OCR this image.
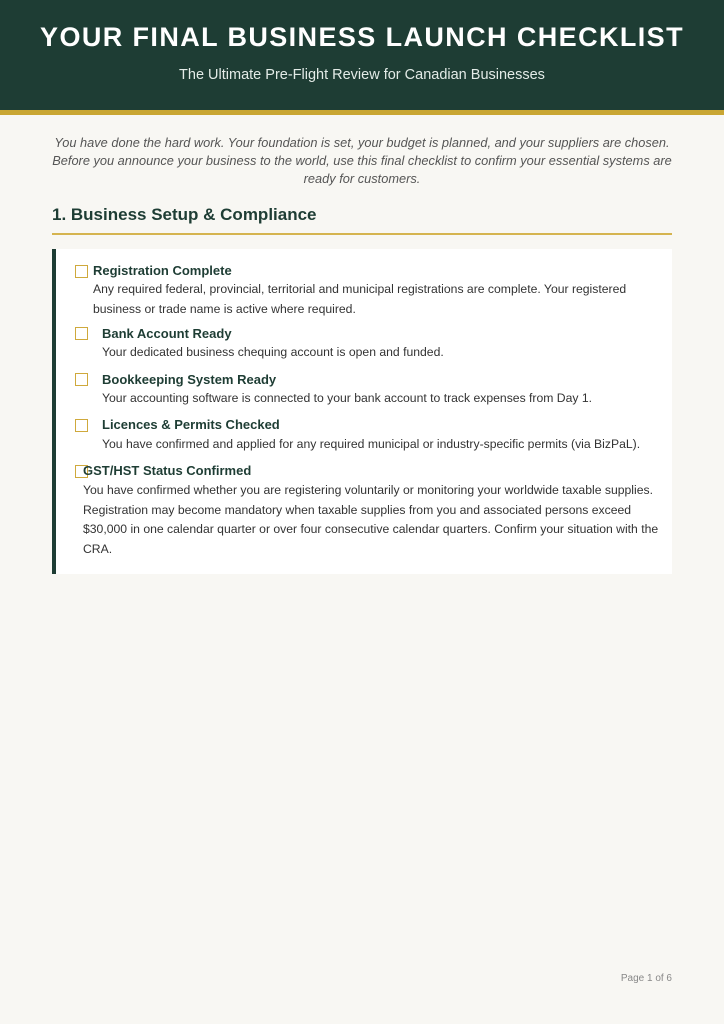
YOUR FINAL BUSINESS LAUNCH CHECKLIST
The Ultimate Pre-Flight Review for Canadian Businesses
You have done the hard work. Your foundation is set, your budget is planned, and your suppliers are chosen. Before you announce your business to the world, use this final checklist to confirm your essential systems are ready for customers.
1. Business Setup & Compliance
Registration Complete
Any required federal, provincial, territorial and municipal registrations are complete. Your registered business or trade name is active where required.
Bank Account Ready
Your dedicated business chequing account is open and funded.
Bookkeeping System Ready
Your accounting software is connected to your bank account to track expenses from Day 1.
Licences & Permits Checked
You have confirmed and applied for any required municipal or industry-specific permits (via BizPaL).
GST/HST Status Confirmed
You have confirmed whether you are registering voluntarily or monitoring your worldwide taxable supplies. Registration may become mandatory when taxable supplies from you and associated persons exceed $30,000 in one calendar quarter or over four consecutive calendar quarters. Confirm your situation with the CRA.
Page 1 of 6
